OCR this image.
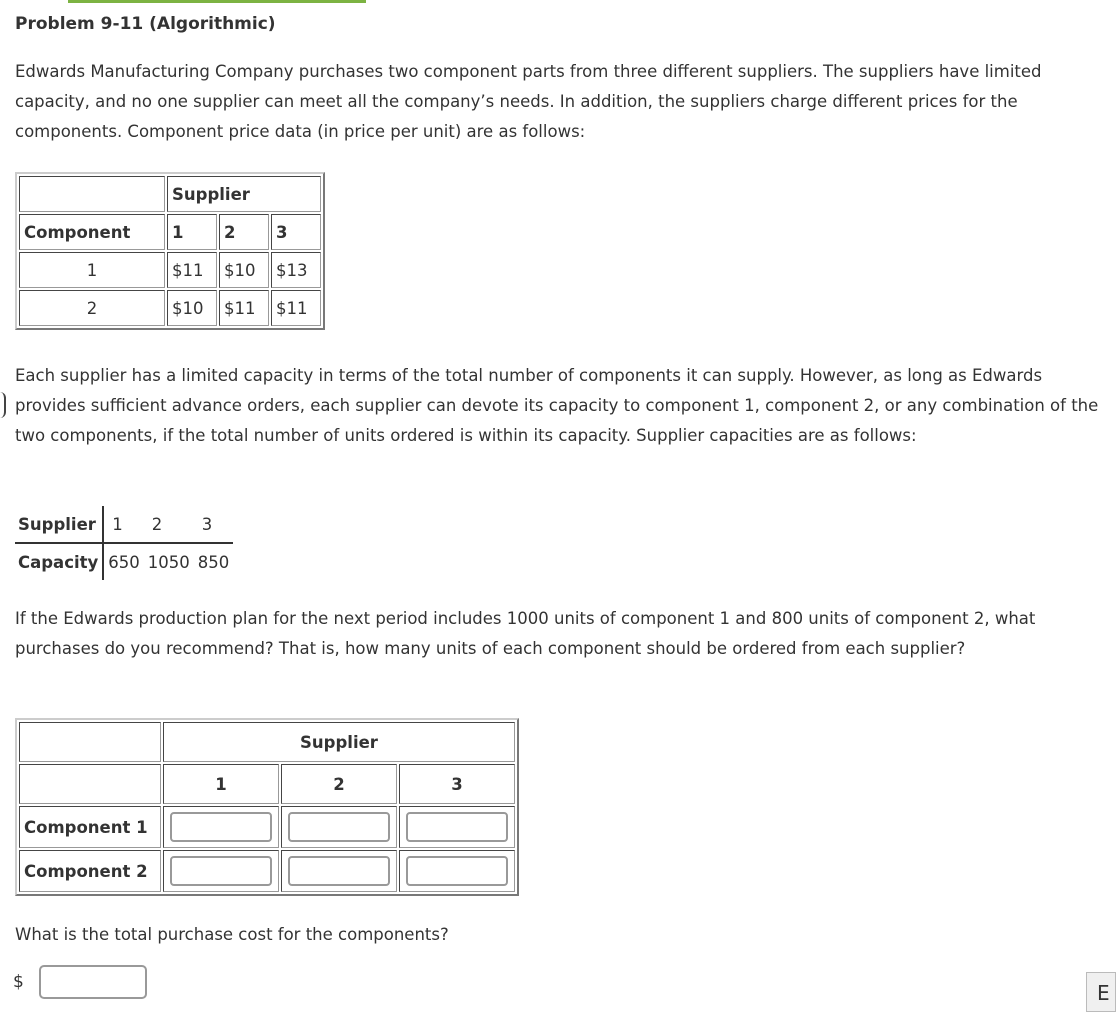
Problem 9-11 (Algorithmic)

Edwards Manufacturing Company purchases two component parts from three different suppliers. The suppliers have limited capacity, and no one supplier can meet all the company’s needs. In addition, the suppliers charge different prices for the components. Component price data (in price per unit) are as follows:

	Supplier		
Component	1	2	3
1	$11	$10	$13
2	$10	$11	$11

Each supplier has a limited capacity in terms of the total number of components it can supply. However, as long as Edwards provides sufficient advance orders, each supplier can devote its capacity to component 1, component 2, or any combination of the two components, if the total number of units ordered is within its capacity. Supplier capacities are as follows:

Supplier	1	2	3
Capacity	650	1050	850

If the Edwards production plan for the next period includes 1000 units of component 1 and 800 units of component 2, what purchases do you recommend? That is, how many units of each component should be ordered from each supplier?

	Supplier		
	1	2	3
Component 1			
Component 2			

What is the total purchase cost for the components?

$	E
